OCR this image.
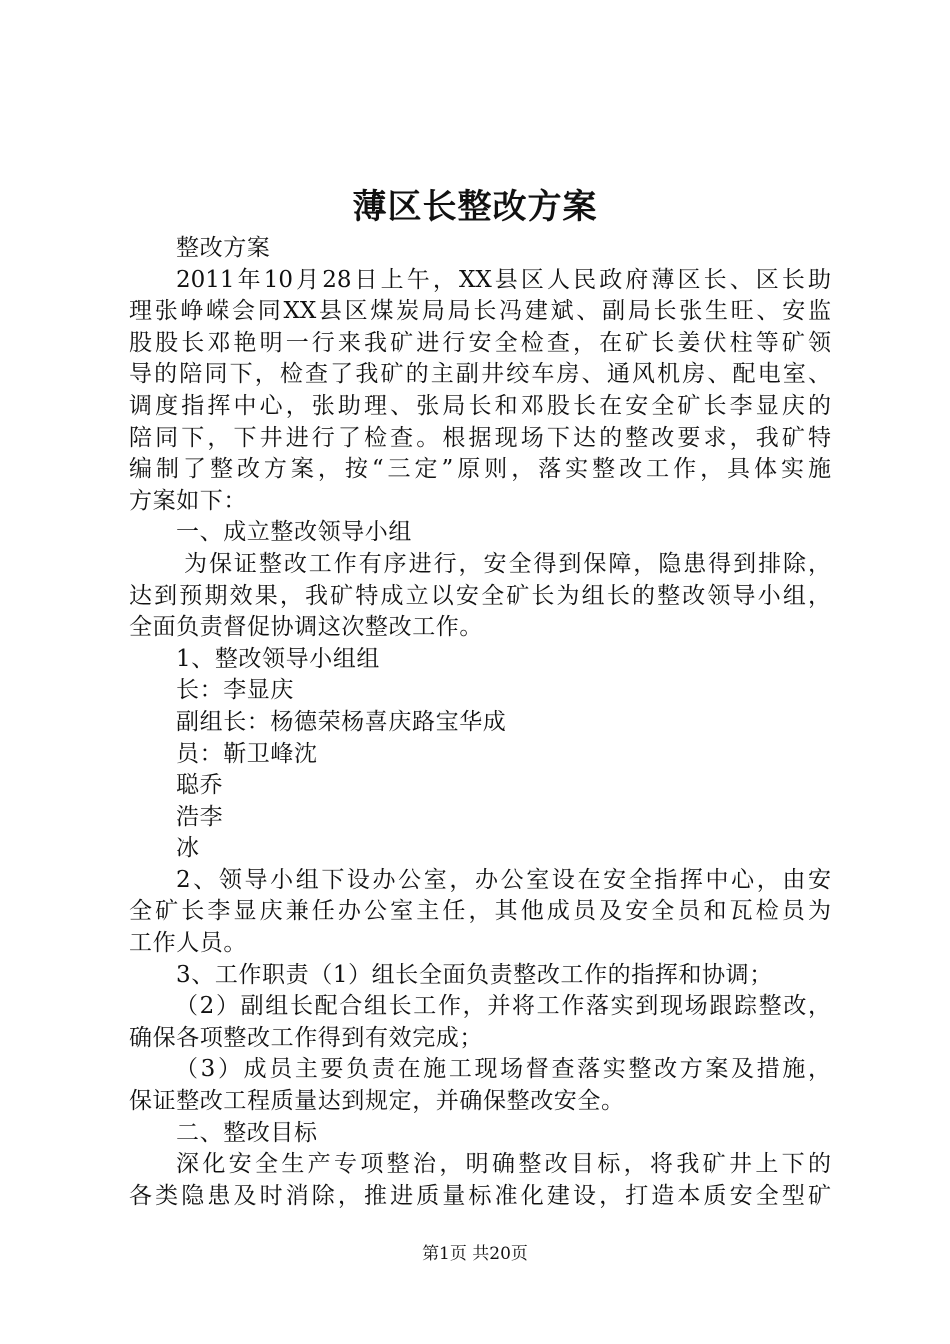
薄区长整改方案
整改方案
2011年10月28日上午，XX县区人民政府薄区长、区长助
理张峥嵘会同XX县区煤炭局局长冯建斌、副局长张生旺、安监
股股长邓艳明一行来我矿进行安全检查，在矿长姜伏柱等矿领
导的陪同下，检查了我矿的主副井绞车房、通风机房、配电室、
调度指挥中心，张助理、张局长和邓股长在安全矿长李显庆的
陪同下，下井进行了检查。根据现场下达的整改要求，我矿特
编制了整改方案，按“三定”原则，落实整改工作，具体实施
方案如下：
一、成立整改领导小组
为保证整改工作有序进行，安全得到保障，隐患得到排除，
达到预期效果，我矿特成立以安全矿长为组长的整改领导小组，
全面负责督促协调这次整改工作。
1、整改领导小组组
长：李显庆
副组长：杨德荣杨喜庆路宝华成
员：靳卫峰沈
聪乔
浩李
冰
2、领导小组下设办公室，办公室设在安全指挥中心，由安
全矿长李显庆兼任办公室主任，其他成员及安全员和瓦检员为
工作人员。
3、工作职责（1）组长全面负责整改工作的指挥和协调；
（2）副组长配合组长工作，并将工作落实到现场跟踪整改，
确保各项整改工作得到有效完成；
（3）成员主要负责在施工现场督查落实整改方案及措施，
保证整改工程质量达到规定，并确保整改安全。
二、整改目标
深化安全生产专项整治，明确整改目标，将我矿井上下的
各类隐患及时消除，推进质量标准化建设，打造本质安全型矿
第1页 共20页
